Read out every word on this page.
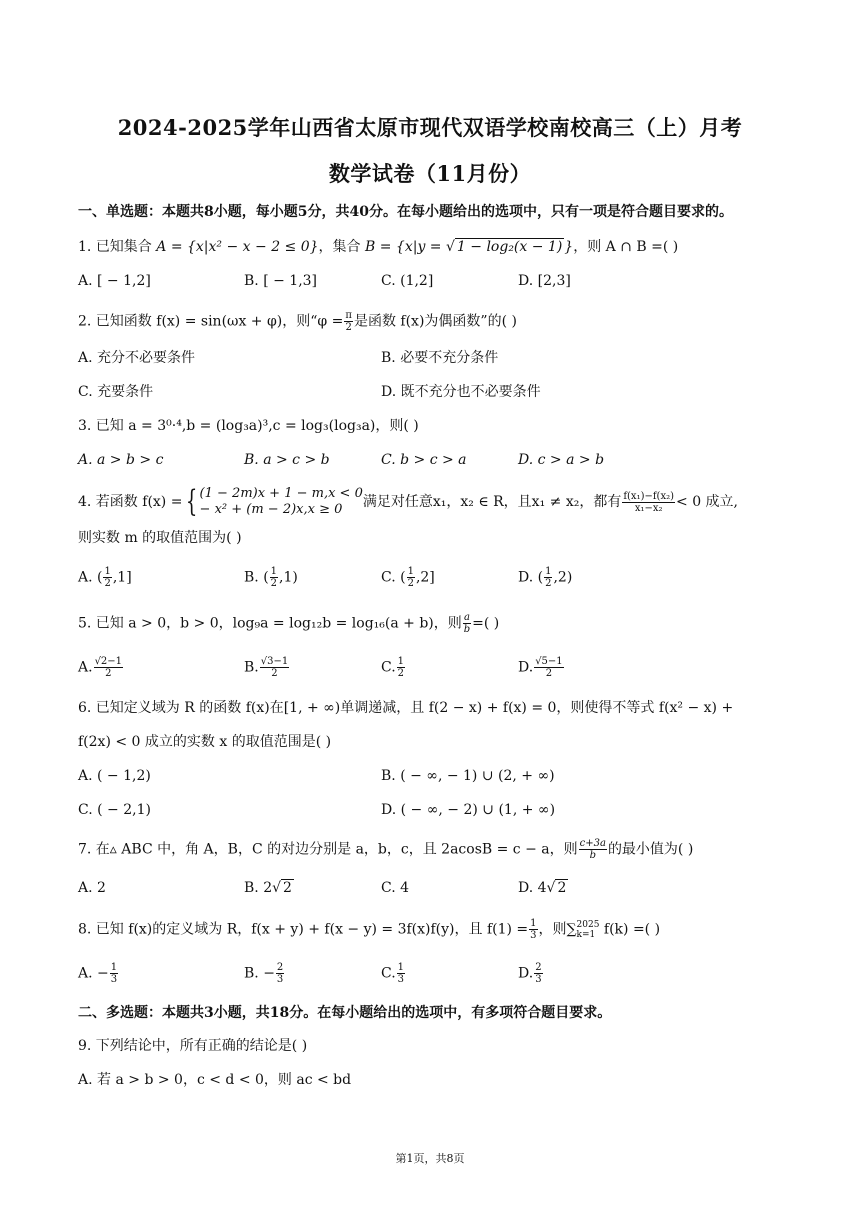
2024-2025学年山西省太原市现代双语学校南校高三（上）月考
数学试卷（11月份）
一、单选题：本题共8小题，每小题5分，共40分。在每小题给出的选项中，只有一项是符合题目要求的。
1. 已知集合 A = {x|x² − x − 2 ≤ 0}，集合 B = {x|y = √ 1 − log₂(x − 1) }，则 A ∩ B =( )
A. [ − 1,2]	B. [ − 1,3]	C. (1,2]	D. [2,3]
2. 已知函数 f(x) = sin(ωx + φ)，则“$\varphi = \frac{\pi}{2}$ 是函数 f(x)为偶函数”的( )
A. 充分不必要条件	B. 必要不充分条件
C. 充要条件	D. 既不充分也不必要条件
3. 已知 a = 3⁰·⁴,b = (log₃a)³,c = log₃(log₃a)，则( )
A. a > b > c	B. a > c > b	C. b > c > a	D. c > a > b
4. 若函数 f(x) = { (1 − 2m)x + 1 − m,x < 0
− x² + (m − 2)x,x ≥ 0	满足对任意x₁，x₂ ∈ R，且x₁ ≠ x₂，都有 $\frac{\text{f(x₁)−f(x₂)}}{\text{x₁−x₂}} < 0$ 成立,
则实数 m 的取值范围为( )
A. ( $\frac{1}{2} ,1$]	B. ( $\frac{1}{2} ,1$)	C. ( $\frac{1}{2} ,2$]	D. ( $\frac{1}{2} ,2$)
5. 已知 a > 0，b > 0，log₉a = log₁₂b = log₁₆(a + b)，则 $\frac{a}{b}$ =( )
A. $\frac{√2-1}{2}$	B. $\frac{√3-1}{2}$	C. $\frac{1}{2}$	D. $\frac{√5-1}{2}$
6. 已知定义域为 R 的函数 f(x)在[1, + ∞)单调递减，且 f(2 − x) + f(x) = 0，则使得不等式 f(x² − x) +
f(2x) < 0 成立的实数 x 的取值范围是( )
A. ( − 1,2)	B. ( − ∞, − 1) ∪ (2, + ∞)
C. ( − 2,1)	D. ( − ∞, − 2) ∪ (1, + ∞)
7. 在▵ ABC 中，角 A，B，C 的对边分别是 a，b，c，且 2acosB = c − a，则 $\frac{c+3a}{b}$ 的最小值为( )
A. 2	B. 2√ 2	C. 4	D. 4√ 2
8. 已知 f(x)的定义域为 R，f(x + y) + f(x − y) = 3f(x)f(y)，且 $f(1) = \frac{1}{3}$ ，则∑ 2025
k=1 f(k) =( )
A. − $\frac{1}{3}$	B. − $\frac{2}{3}$	C. $\frac{1}{3}$	D. $\frac{2}{3}$
二、多选题：本题共3小题，共18分。在每小题给出的选项中，有多项符合题目要求。
9. 下列结论中，所有正确的结论是( )
A. 若 a > b > 0，c < d < 0，则 ac < bd
第1页，共8页
